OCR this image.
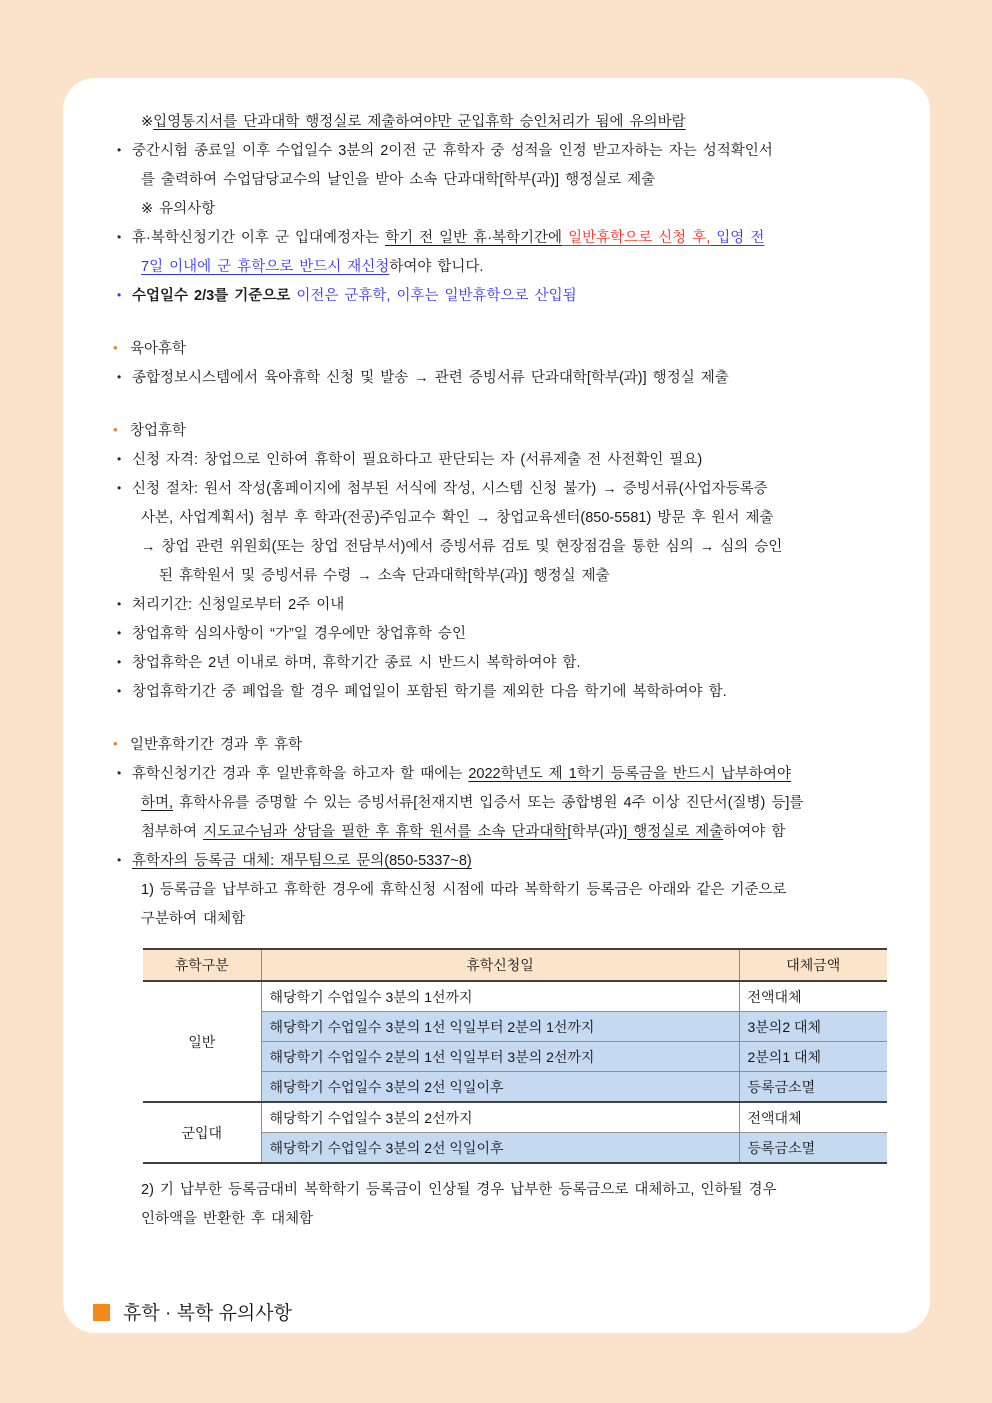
※입영통지서를 단과대학 행정실로 제출하여야만 군입휴학 승인처리가 됨에 유의바람
• 중간시험 종료일 이후 수업일수 3분의 2이전 군 휴학자 중 성적을 인정 받고자하는 자는 성적확인서
를 출력하여 수업담당교수의 날인을 받아 소속 단과대학[학부(과)] 행정실로 제출
※ 유의사항
• 휴·복학신청기간 이후 군 입대예정자는 학기 전 일반 휴·복학기간에 일반휴학으로 신청 후, 입영 전
7일 이내에 군 휴학으로 반드시 재신청하여야 합니다.
• 수업일수 2/3를 기준으로 이전은 군휴학, 이후는 일반휴학으로 산입됨
• 육아휴학
• 종합정보시스템에서 육아휴학 신청 및 발송 → 관련 증빙서류 단과대학[학부(과)] 행정실 제출
• 창업휴학
• 신청 자격: 창업으로 인하여 휴학이 필요하다고 판단되는 자 (서류제출 전 사전확인 필요)
• 신청 절차: 원서 작성(홈페이지에 첨부된 서식에 작성, 시스템 신청 불가) → 증빙서류(사업자등록증
사본, 사업계획서) 첨부 후 학과(전공)주임교수 확인 → 창업교육센터(850-5581) 방문 후 원서 제출
→ 창업 관련 위원회(또는 창업 전담부서)에서 증빙서류 검토 및 현장점검을 통한 심의 → 심의 승인
된 휴학원서 및 증빙서류 수령 → 소속 단과대학[학부(과)] 행정실 제출
• 처리기간: 신청일로부터 2주 이내
• 창업휴학 심의사항이 “가”일 경우에만 창업휴학 승인
• 창업휴학은 2년 이내로 하며, 휴학기간 종료 시 반드시 복학하여야 함.
• 창업휴학기간 중 폐업을 할 경우 폐업일이 포함된 학기를 제외한 다음 학기에 복학하여야 함.
• 일반휴학기간 경과 후 휴학
• 휴학신청기간 경과 후 일반휴학을 하고자 할 때에는 2022학년도 제 1학기 등록금을 반드시 납부하여야
하며, 휴학사유를 증명할 수 있는 증빙서류[천재지변 입증서 또는 종합병원 4주 이상 진단서(질병) 등]를
첨부하여 지도교수님과 상담을 필한 후 휴학 원서를 소속 단과대학[학부(과)] 행정실로 제출하여야 함
• 휴학자의 등록금 대체: 재무팀으로 문의(850-5337~8)
1) 등록금을 납부하고 휴학한 경우에 휴학신청 시점에 따라 복학학기 등록금은 아래와 같은 기준으로
구분하여 대체함
휴학구분	휴학신청일	대체금액
일반	해당학기 수업일수 3분의 1선까지	전액대체
	해당학기 수업일수 3분의 1선 익일부터 2분의 1선까지	3분의2 대체
	해당학기 수업일수 2분의 1선 익일부터 3분의 2선까지	2분의1 대체
	해당학기 수업일수 3분의 2선 익일이후	등록금소멸
군입대	해당학기 수업일수 3분의 2선까지	전액대체
	해당학기 수업일수 3분의 2선 익일이후	등록금소멸
2) 기 납부한 등록금대비 복학학기 등록금이 인상될 경우 납부한 등록금으로 대체하고, 인하될 경우
인하액을 반환한 후 대체함
휴학 · 복학 유의사항
